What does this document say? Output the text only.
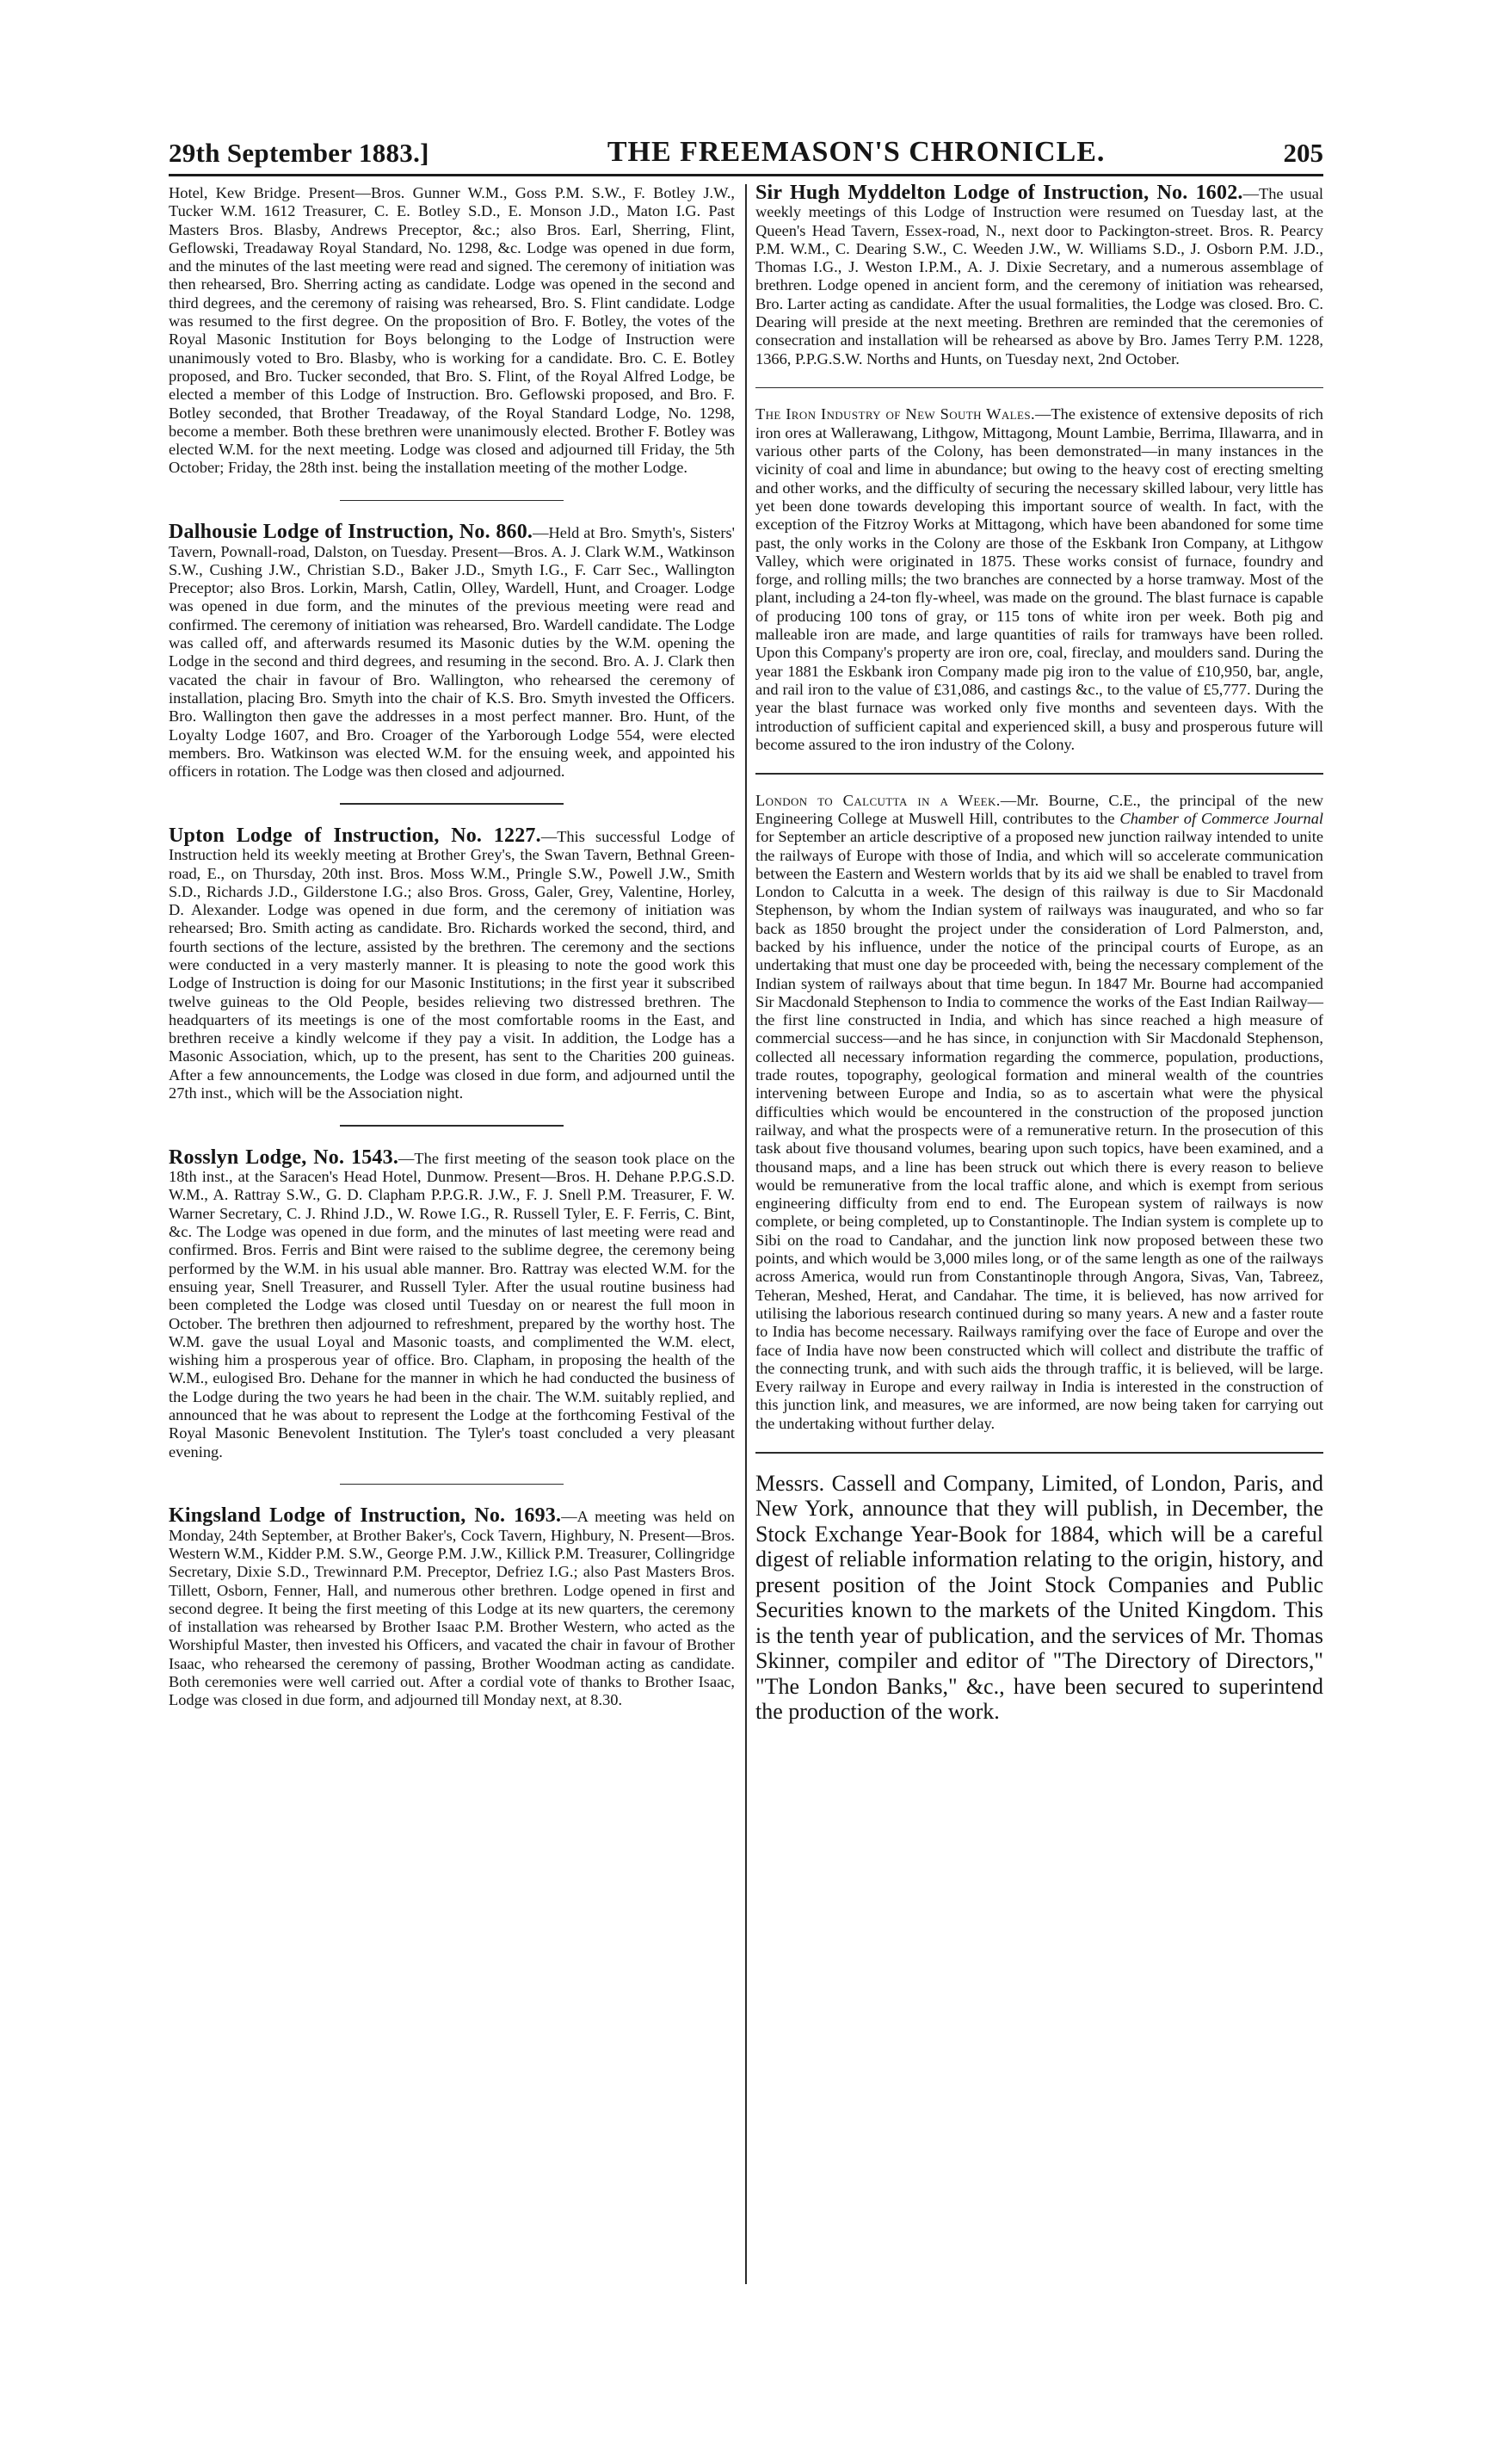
29th September 1883.]	THE FREEMASON'S CHRONICLE.	205

Hotel, Kew Bridge. Present—Bros. Gunner W.M., Goss P.M. S.W., F. Botley J.W., Tucker W.M. 1612 Treasurer, C. E. Botley S.D., E. Monson J.D., Maton I.G. Past Masters Bros. Blasby, Andrews Preceptor, &c.; also Bros. Earl, Sherring, Flint, Geflowski, Treadaway Royal Standard, No. 1298, &c. Lodge was opened in due form, and the minutes of the last meeting were read and signed. The ceremony of initiation was then rehearsed, Bro. Sherring acting as candidate. Lodge was opened in the second and third degrees, and the ceremony of raising was rehearsed, Bro. S. Flint candidate. Lodge was resumed to the first degree. On the proposition of Bro. F. Botley, the votes of the Royal Masonic Institution for Boys belonging to the Lodge of Instruction were unanimously voted to Bro. Blasby, who is working for a candidate. Bro. C. E. Botley proposed, and Bro. Tucker seconded, that Bro. S. Flint, of the Royal Alfred Lodge, be elected a member of this Lodge of Instruction. Bro. Geflowski proposed, and Bro. F. Botley seconded, that Brother Treadaway, of the Royal Standard Lodge, No. 1298, become a member. Both these brethren were unanimously elected. Brother F. Botley was elected W.M. for the next meeting. Lodge was closed and adjourned till Friday, the 5th October; Friday, the 28th inst. being the installation meeting of the mother Lodge.

Dalhousie Lodge of Instruction, No. 860.—Held at Bro. Smyth's, Sisters' Tavern, Pownall-road, Dalston, on Tuesday. Present—Bros. A. J. Clark W.M., Watkinson S.W., Cushing J.W., Christian S.D., Baker J.D., Smyth I.G., F. Carr Sec., Wallington Preceptor; also Bros. Lorkin, Marsh, Catlin, Olley, Wardell, Hunt, and Croager. Lodge was opened in due form, and the minutes of the previous meeting were read and confirmed. The ceremony of initiation was rehearsed, Bro. Wardell candidate. The Lodge was called off, and afterwards resumed its Masonic duties by the W.M. opening the Lodge in the second and third degrees, and resuming in the second. Bro. A. J. Clark then vacated the chair in favour of Bro. Wallington, who rehearsed the ceremony of installation, placing Bro. Smyth into the chair of K.S. Bro. Smyth invested the Officers. Bro. Wallington then gave the addresses in a most perfect manner. Bro. Hunt, of the Loyalty Lodge 1607, and Bro. Croager of the Yarborough Lodge 554, were elected members. Bro. Watkinson was elected W.M. for the ensuing week, and appointed his officers in rotation. The Lodge was then closed and adjourned.

Upton Lodge of Instruction, No. 1227.—This successful Lodge of Instruction held its weekly meeting at Brother Grey's, the Swan Tavern, Bethnal Green-road, E., on Thursday, 20th inst. Bros. Moss W.M., Pringle S.W., Powell J.W., Smith S.D., Richards J.D., Gilderstone I.G.; also Bros. Gross, Galer, Grey, Valentine, Horley, D. Alexander. Lodge was opened in due form, and the ceremony of initiation was rehearsed; Bro. Smith acting as candidate. Bro. Richards worked the second, third, and fourth sections of the lecture, assisted by the brethren. The ceremony and the sections were conducted in a very masterly manner. It is pleasing to note the good work this Lodge of Instruction is doing for our Masonic Institutions; in the first year it subscribed twelve guineas to the Old People, besides relieving two distressed brethren. The headquarters of its meetings is one of the most comfortable rooms in the East, and brethren receive a kindly welcome if they pay a visit. In addition, the Lodge has a Masonic Association, which, up to the present, has sent to the Charities 200 guineas. After a few announcements, the Lodge was closed in due form, and adjourned until the 27th inst., which will be the Association night.

Rosslyn Lodge, No. 1543.—The first meeting of the season took place on the 18th inst., at the Saracen's Head Hotel, Dunmow. Present—Bros. H. Dehane P.P.G.S.D. W.M., A. Rattray S.W., G. D. Clapham P.P.G.R. J.W., F. J. Snell P.M. Treasurer, F. W. Warner Secretary, C. J. Rhind J.D., W. Rowe I.G., R. Russell Tyler, E. F. Ferris, C. Bint, &c. The Lodge was opened in due form, and the minutes of last meeting were read and confirmed. Bros. Ferris and Bint were raised to the sublime degree, the ceremony being performed by the W.M. in his usual able manner. Bro. Rattray was elected W.M. for the ensuing year, Snell Treasurer, and Russell Tyler. After the usual routine business had been completed the Lodge was closed until Tuesday on or nearest the full moon in October. The brethren then adjourned to refreshment, prepared by the worthy host. The W.M. gave the usual Loyal and Masonic toasts, and complimented the W.M. elect, wishing him a prosperous year of office. Bro. Clapham, in proposing the health of the W.M., eulogised Bro. Dehane for the manner in which he had conducted the business of the Lodge during the two years he had been in the chair. The W.M. suitably replied, and announced that he was about to represent the Lodge at the forthcoming Festival of the Royal Masonic Benevolent Institution. The Tyler's toast concluded a very pleasant evening.

Kingsland Lodge of Instruction, No. 1693.—A meeting was held on Monday, 24th September, at Brother Baker's, Cock Tavern, Highbury, N. Present—Bros. Western W.M., Kidder P.M. S.W., George P.M. J.W., Killick P.M. Treasurer, Collingridge Secretary, Dixie S.D., Trewinnard P.M. Preceptor, Defriez I.G.; also Past Masters Bros. Tillett, Osborn, Fenner, Hall, and numerous other brethren. Lodge opened in first and second degree. It being the first meeting of this Lodge at its new quarters, the ceremony of installation was rehearsed by Brother Isaac P.M. Brother Western, who acted as the Worshipful Master, then invested his Officers, and vacated the chair in favour of Brother Isaac, who rehearsed the ceremony of passing, Brother Woodman acting as candidate. Both ceremonies were well carried out. After a cordial vote of thanks to Brother Isaac, Lodge was closed in due form, and adjourned till Monday next, at 8.30.

Sir Hugh Myddelton Lodge of Instruction, No. 1602.—The usual weekly meetings of this Lodge of Instruction were resumed on Tuesday last, at the Queen's Head Tavern, Essex-road, N., next door to Packington-street. Bros. R. Pearcy P.M. W.M., C. Dearing S.W., C. Weeden J.W., W. Williams S.D., J. Osborn P.M. J.D., Thomas I.G., J. Weston I.P.M., A. J. Dixie Secretary, and a numerous assemblage of brethren. Lodge opened in ancient form, and the ceremony of initiation was rehearsed, Bro. Larter acting as candidate. After the usual formalities, the Lodge was closed. Bro. C. Dearing will preside at the next meeting. Brethren are reminded that the ceremonies of consecration and installation will be rehearsed as above by Bro. James Terry P.M. 1228, 1366, P.P.G.S.W. Norths and Hunts, on Tuesday next, 2nd October.

The Iron Industry of New South Wales.—The existence of extensive deposits of rich iron ores at Wallerawang, Lithgow, Mittagong, Mount Lambie, Berrima, Illawarra, and in various other parts of the Colony, has been demonstrated—in many instances in the vicinity of coal and lime in abundance; but owing to the heavy cost of erecting smelting and other works, and the difficulty of securing the necessary skilled labour, very little has yet been done towards developing this important source of wealth. In fact, with the exception of the Fitzroy Works at Mittagong, which have been abandoned for some time past, the only works in the Colony are those of the Eskbank Iron Company, at Lithgow Valley, which were originated in 1875. These works consist of furnace, foundry and forge, and rolling mills; the two branches are connected by a horse tramway. Most of the plant, including a 24-ton fly-wheel, was made on the ground. The blast furnace is capable of producing 100 tons of gray, or 115 tons of white iron per week. Both pig and malleable iron are made, and large quantities of rails for tramways have been rolled. Upon this Company's property are iron ore, coal, fireclay, and moulders sand. During the year 1881 the Eskbank iron Company made pig iron to the value of £10,950, bar, angle, and rail iron to the value of £31,086, and castings &c., to the value of £5,777. During the year the blast furnace was worked only five months and seventeen days. With the introduction of sufficient capital and experienced skill, a busy and prosperous future will become assured to the iron industry of the Colony.

London to Calcutta in a Week.—Mr. Bourne, C.E., the principal of the new Engineering College at Muswell Hill, contributes to the Chamber of Commerce Journal for September an article descriptive of a proposed new junction railway intended to unite the railways of Europe with those of India, and which will so accelerate communication between the Eastern and Western worlds that by its aid we shall be enabled to travel from London to Calcutta in a week. The design of this railway is due to Sir Macdonald Stephenson, by whom the Indian system of railways was inaugurated, and who so far back as 1850 brought the project under the consideration of Lord Palmerston, and, backed by his influence, under the notice of the principal courts of Europe, as an undertaking that must one day be proceeded with, being the necessary complement of the Indian system of railways about that time begun. In 1847 Mr. Bourne had accompanied Sir Macdonald Stephenson to India to commence the works of the East Indian Railway—the first line constructed in India, and which has since reached a high measure of commercial success—and he has since, in conjunction with Sir Macdonald Stephenson, collected all necessary information regarding the commerce, population, productions, trade routes, topography, geological formation and mineral wealth of the countries intervening between Europe and India, so as to ascertain what were the physical difficulties which would be encountered in the construction of the proposed junction railway, and what the prospects were of a remunerative return. In the prosecution of this task about five thousand volumes, bearing upon such topics, have been examined, and a thousand maps, and a line has been struck out which there is every reason to believe would be remunerative from the local traffic alone, and which is exempt from serious engineering difficulty from end to end. The European system of railways is now complete, or being completed, up to Constantinople. The Indian system is complete up to Sibi on the road to Candahar, and the junction link now proposed between these two points, and which would be 3,000 miles long, or of the same length as one of the railways across America, would run from Constantinople through Angora, Sivas, Van, Tabreez, Teheran, Meshed, Herat, and Candahar. The time, it is believed, has now arrived for utilising the laborious research continued during so many years. A new and a faster route to India has become necessary. Railways ramifying over the face of Europe and over the face of India have now been constructed which will collect and distribute the traffic of the connecting trunk, and with such aids the through traffic, it is believed, will be large. Every railway in Europe and every railway in India is interested in the construction of this junction link, and measures, we are informed, are now being taken for carrying out the undertaking without further delay.

Messrs. Cassell and Company, Limited, of London, Paris, and New York, announce that they will publish, in December, the Stock Exchange Year-Book for 1884, which will be a careful digest of reliable information relating to the origin, history, and present position of the Joint Stock Companies and Public Securities known to the markets of the United Kingdom. This is the tenth year of publication, and the services of Mr. Thomas Skinner, compiler and editor of "The Directory of Directors," "The London Banks," &c., have been secured to superintend the production of the work.
